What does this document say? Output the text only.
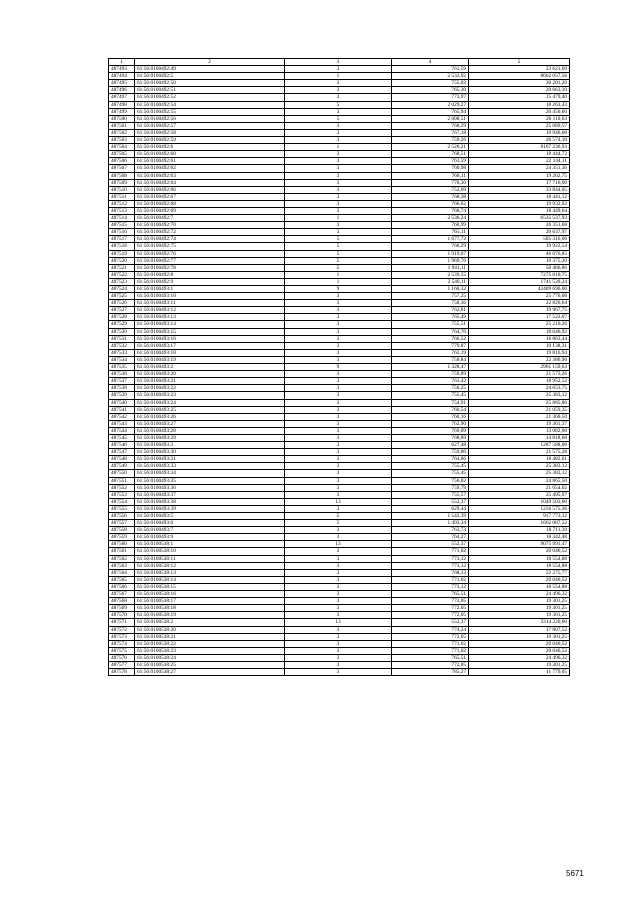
1	2	3	4	5
487493	61:56:0100492:49	3	761,59	23 621,69
487494	61:56:0100492:5	1	2 532,92	8662 057,56
487495	61:56:0100492:50	3	755,03	30 201,20
487496	61:56:0100492:51	3	765,30	20 663,10
487497	61:56:0100492:52	3	773,97	15 479,40
487498	61:56:0100492:54	5	2 029,27	18 263,43
487499	61:56:0100492:55	3	765,94	20 450,60
487500	61:56:0100492:56	5	2 008,51	26 110,63
487501	61:56:0100492:57	3	760,29	25 089,57
487502	61:56:0100492:58	3	767,18	19 946,68
487503	61:56:0100492:59	3	759,26	26 574,10
487504	61:56:0100492:6	1	2 526,21	8167 236,93
487505	61:56:0100492:60	3	768,51	18 444,72
487506	61:56:0100492:61	3	763,59	22 144,11
487507	61:56:0100492:62	3	760,98	24 351,36
487508	61:56:0100492:63	3	768,11	19 202,75
487509	61:56:0100492:64	3	770,30	17 716,90
487510	61:56:0100492:66	3	752,09	33 844,05
487511	61:56:0100492:67	3	768,38	18 441,12
487512	61:56:0100492:68	3	766,62	19 932,92
487513	61:56:0100492:69	3	768,74	18 449,64
487514	61:56:0100492:7	1	2 536,24	6535 537,93
487515	61:56:0100492:70	3	760,99	26 351,68
487516	61:56:0100492:72	3	765,11	20 637,97
487517	61:56:0100492:74	5	1 677,72	505 316,06
487518	61:56:0100492:75	5	766,29	19 923,54
487519	61:56:0100492:76	5	1 919,67	46 076,85
487520	61:56:0100492:77	5	1 969,76	19 375,20
487521	61:56:0100492:78	5	1 941,11	50 466,86
487522	61:56:0100492:8	1	2 539,55	7275 010,75
487523	61:56:0100492:9	1	2 546,11	1741 539,24
487524	61:56:0100493:1	9	1 160,32	42409 696,00
487525	61:56:0100493:10	3	757,25	25 770,08
487526	61:56:0100493:11	3	758,36	22 826,64
487527	61:56:0100493:12	3	762,81	19 967,75
487528	61:56:0100493:13	3	765,49	17 522,07
487529	61:56:0100493:14	3	755,51	25 210,26
487530	61:56:0100493:15	3	764,70	18 646,92
487531	61:56:0100493:16	3	766,52	16 863,44
487532	61:56:0100493:17	3	779,87	10 138,31
487533	61:56:0100493:18	3	762,19	19 816,94
487534	61:56:0100493:19	3	758,84	22 386,96
487535	61:56:0100493:2	9	1 328,47	2961 159,63
487536	61:56:0100493:20	3	759,89	21 573,26
487537	61:56:0100493:21	3	763,42	18 952,52
487538	61:56:0100493:22	3	756,25	24 653,75
487539	61:56:0100493:23	3	755,45	25 383,12
487540	61:56:0100493:24	3	754,91	25 885,86
487541	61:56:0100493:25	3	760,54	21 059,35
487542	61:56:0100493:26	3	760,16	21 360,50
487543	61:56:0100493:27	3	762,90	19 361,37
487544	61:56:0100493:28	3	769,09	13 082,00
487545	61:56:0100493:29	3	768,89	14 818,68
487546	61:56:0100493:3	3	627,48	1287 588,06
487547	61:56:0100493:30	3	759,80	21 575,28
487548	61:56:0100493:31	3	764,06	18 482,61
487549	61:56:0100493:33	3	755,45	25 383,12
487550	61:56:0100493:34	3	755,45	25 383,12
487551	61:56:0100493:35	3	756,02	24 865,50
487552	61:56:0100493:36	3	759,79	21 654,02
487553	61:56:0100493:37	3	755,57	25 495,97
487554	61:56:0100493:38	13	552,37	1049 503,00
487555	61:56:0100493:39	3	629,44	1256 575,36
487556	61:56:0100493:5	5	1 542,39	917 773,12
487557	61:56:0100493:6	5	1 493,34	1662 087,32
487558	61:56:0100493:7	3	763,73	18 711,39
487559	61:56:0100493:9	3	764,27	18 342,48
487560	61:56:0100538:1	13	552,37	9075 991,47
487561	61:56:0100538:10	3	771,02	20 046,52
487562	61:56:0100538:11	3	773,12	18 554,88
487563	61:56:0100538:12	3	773,12	18 554,88
487564	61:56:0100538:13	3	768,13	22 275,77
487565	61:56:0100538:14	3	771,02	20 046,52
487566	61:56:0100538:15	3	773,12	18 554,88
487567	61:56:0100538:16	3	765,51	24 496,32
487568	61:56:0100538:17	3	772,05	19 301,25
487569	61:56:0100538:18	3	772,05	19 301,25
487570	61:56:0100538:19	3	772,05	19 301,25
487571	61:56:0100538:2	13	552,37	3314 220,00
487572	61:56:0100538:20	3	774,24	17 807,52
487573	61:56:0100538:21	3	772,05	19 301,25
487574	61:56:0100538:22	3	771,02	20 046,52
487575	61:56:0100538:23	3	771,02	20 046,52
487576	61:56:0100538:24	3	765,51	24 496,32
487577	61:56:0100538:25	3	772,05	19 301,25
487578	61:56:0100538:27	3	785,27	11 779,05
5671
